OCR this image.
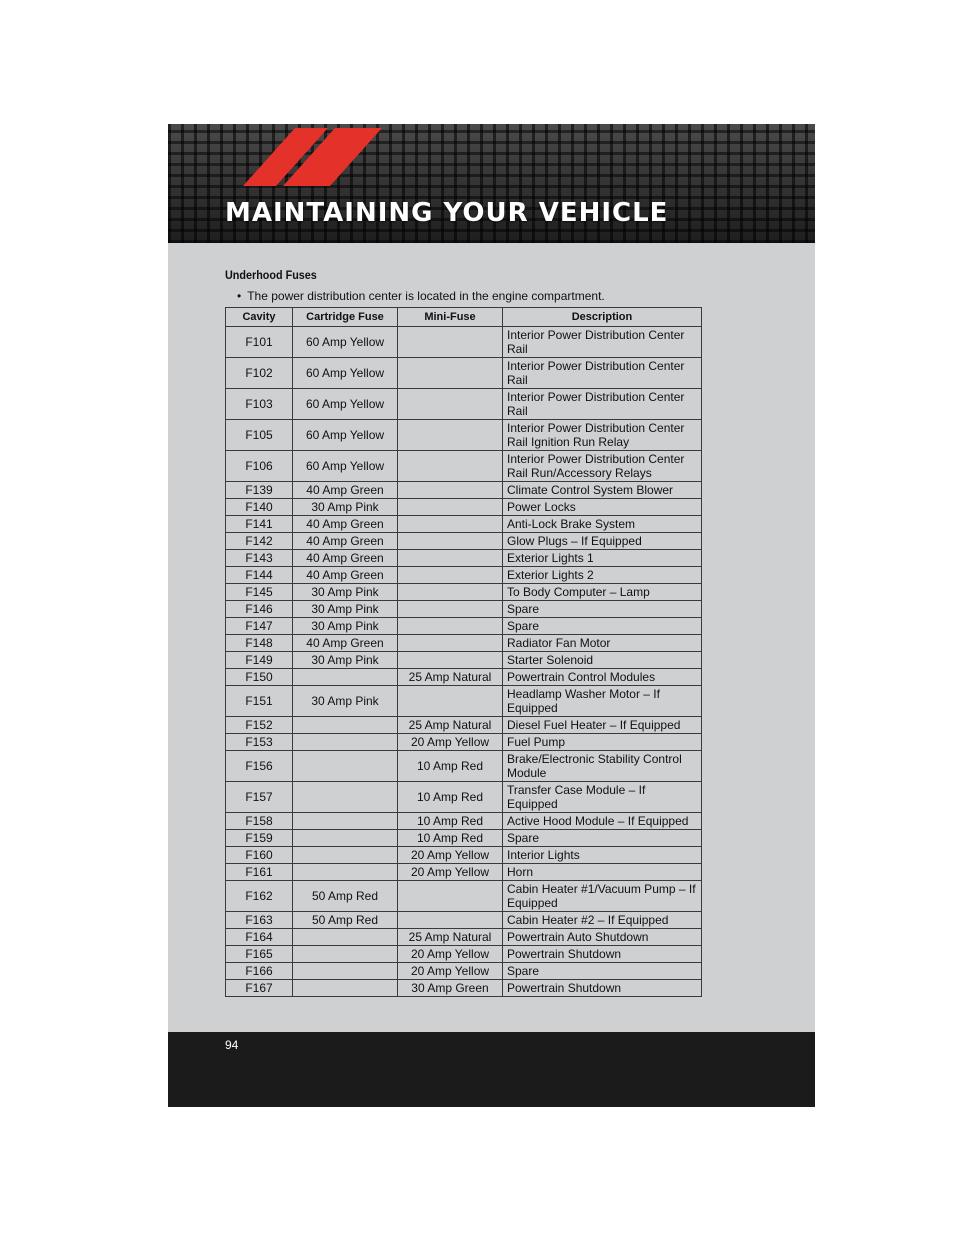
MAINTAINING YOUR VEHICLE
Underhood Fuses

• The power distribution center is located in the engine compartment.

Cavity	Cartridge Fuse	Mini-Fuse	Description
F101	60 Amp Yellow		Interior Power Distribution Center Rail
F102	60 Amp Yellow		Interior Power Distribution Center Rail
F103	60 Amp Yellow		Interior Power Distribution Center Rail
F105	60 Amp Yellow		Interior Power Distribution Center Rail Ignition Run Relay
F106	60 Amp Yellow		Interior Power Distribution Center Rail Run/Accessory Relays
F139	40 Amp Green		Climate Control System Blower
F140	30 Amp Pink		Power Locks
F141	40 Amp Green		Anti-Lock Brake System
F142	40 Amp Green		Glow Plugs – If Equipped
F143	40 Amp Green		Exterior Lights 1
F144	40 Amp Green		Exterior Lights 2
F145	30 Amp Pink		To Body Computer – Lamp
F146	30 Amp Pink		Spare
F147	30 Amp Pink		Spare
F148	40 Amp Green		Radiator Fan Motor
F149	30 Amp Pink		Starter Solenoid
F150		25 Amp Natural	Powertrain Control Modules
F151	30 Amp Pink		Headlamp Washer Motor – If Equipped
F152		25 Amp Natural	Diesel Fuel Heater – If Equipped
F153		20 Amp Yellow	Fuel Pump
F156		10 Amp Red	Brake/Electronic Stability Control Module
F157		10 Amp Red	Transfer Case Module – If Equipped
F158		10 Amp Red	Active Hood Module – If Equipped
F159		10 Amp Red	Spare
F160		20 Amp Yellow	Interior Lights
F161		20 Amp Yellow	Horn
F162	50 Amp Red		Cabin Heater #1/Vacuum Pump – If Equipped
F163	50 Amp Red		Cabin Heater #2 – If Equipped
F164		25 Amp Natural	Powertrain Auto Shutdown
F165		20 Amp Yellow	Powertrain Shutdown
F166		20 Amp Yellow	Spare
F167		30 Amp Green	Powertrain Shutdown

94
